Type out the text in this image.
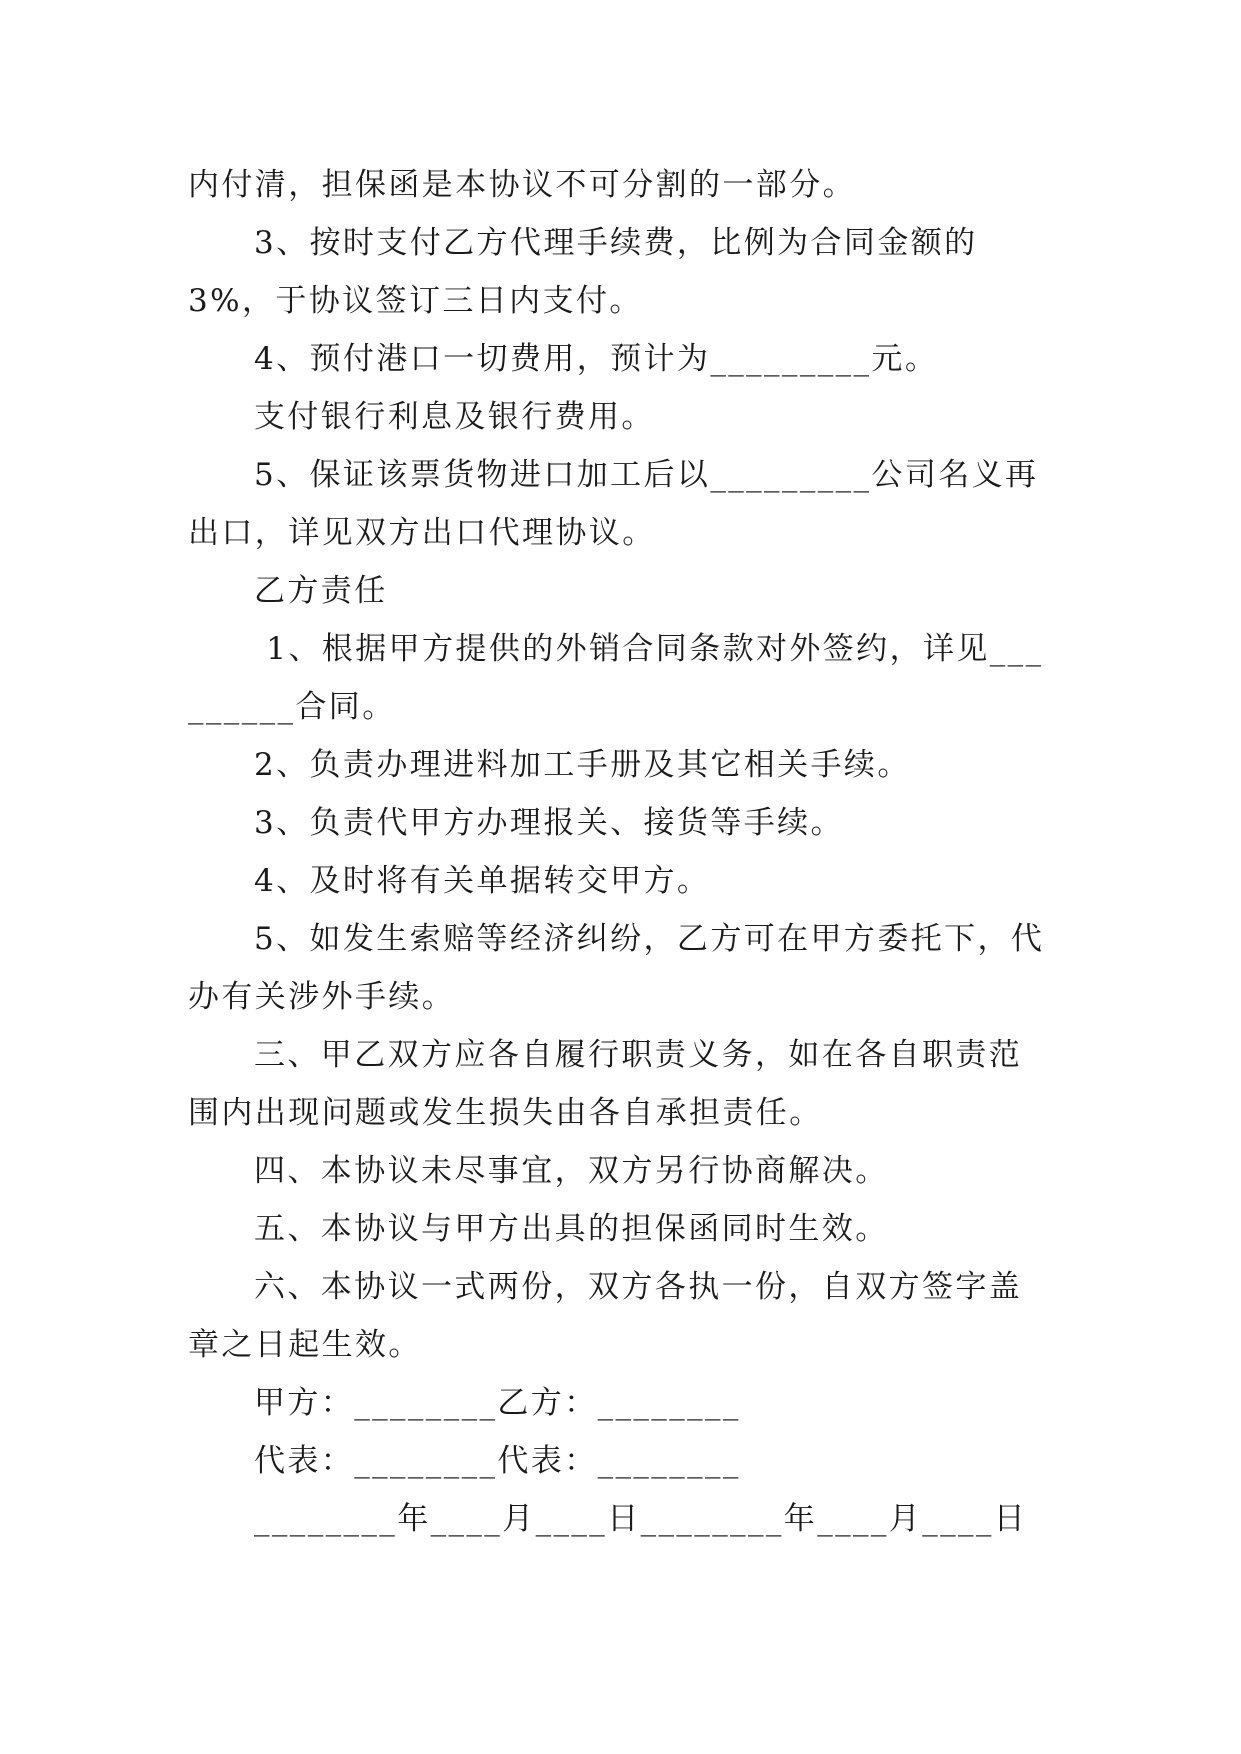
内付清，担保函是本协议不可分割的一部分。

3、按时支付乙方代理手续费，比例为合同金额的3%，于协议签订三日内支付。

4、预付港口一切费用，预计为_________元。

支付银行利息及银行费用。

5、保证该票货物进口加工后以_________公司名义再出口，详见双方出口代理协议。

乙方责任

1、根据甲方提供的外销合同条款对外签约，详见_________合同。

2、负责办理进料加工手册及其它相关手续。

3、负责代甲方办理报关、接货等手续。

4、及时将有关单据转交甲方。

5、如发生索赔等经济纠纷，乙方可在甲方委托下，代办有关涉外手续。

三、甲乙双方应各自履行职责义务，如在各自职责范围内出现问题或发生损失由各自承担责任。

四、本协议未尽事宜，双方另行协商解决。

五、本协议与甲方出具的担保函同时生效。

六、本协议一式两份，双方各执一份，自双方签字盖章之日起生效。

甲方：________乙方：________

代表：________代表：________

________年____月____日________年____月____日
